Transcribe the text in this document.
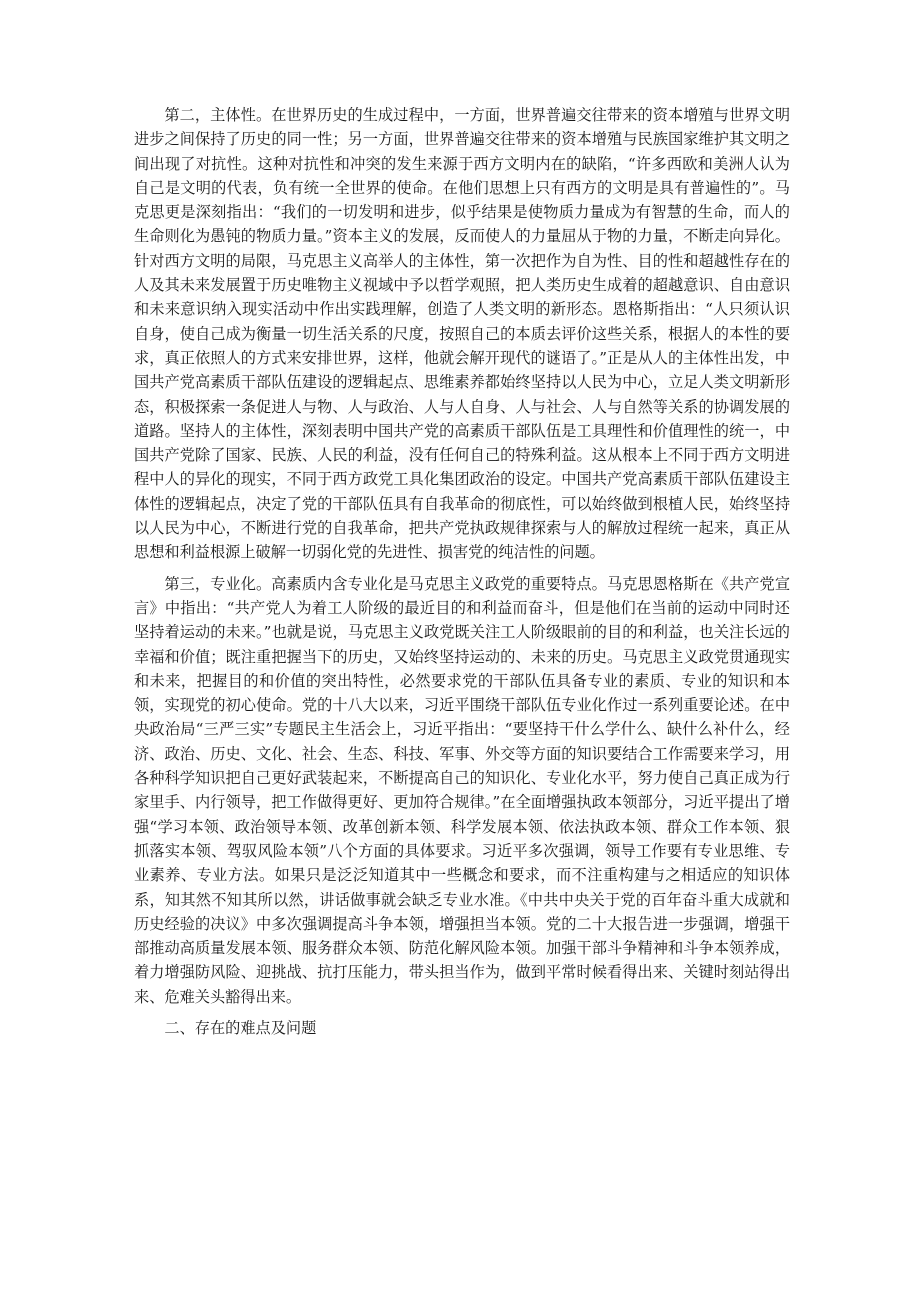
第二，主体性。在世界历史的生成过程中，一方面，世界普遍交往带来的资本增殖与世界文明进步之间保持了历史的同一性；另一方面，世界普遍交往带来的资本增殖与民族国家维护其文明之间出现了对抗性。这种对抗性和冲突的发生来源于西方文明内在的缺陷，“许多西欧和美洲人认为自己是文明的代表，负有统一全世界的使命。在他们思想上只有西方的文明是具有普遍性的”。马克思更是深刻指出：“我们的一切发明和进步，似乎结果是使物质力量成为有智慧的生命，而人的生命则化为愚钝的物质力量。”资本主义的发展，反而使人的力量屈从于物的力量，不断走向异化。针对西方文明的局限，马克思主义高举人的主体性，第一次把作为自为性、目的性和超越性存在的人及其未来发展置于历史唯物主义视域中予以哲学观照，把人类历史生成着的超越意识、自由意识和未来意识纳入现实活动中作出实践理解，创造了人类文明的新形态。恩格斯指出：“人只须认识自身，使自己成为衡量一切生活关系的尺度，按照自己的本质去评价这些关系，根据人的本性的要求，真正依照人的方式来安排世界，这样，他就会解开现代的谜语了。”正是从人的主体性出发，中国共产党高素质干部队伍建设的逻辑起点、思维素养都始终坚持以人民为中心，立足人类文明新形态，积极探索一条促进人与物、人与政治、人与人自身、人与社会、人与自然等关系的协调发展的道路。坚持人的主体性，深刻表明中国共产党的高素质干部队伍是工具理性和价值理性的统一，中国共产党除了国家、民族、人民的利益，没有任何自己的特殊利益。这从根本上不同于西方文明进程中人的异化的现实，不同于西方政党工具化集团政治的设定。中国共产党高素质干部队伍建设主体性的逻辑起点，决定了党的干部队伍具有自我革命的彻底性，可以始终做到根植人民，始终坚持以人民为中心，不断进行党的自我革命，把共产党执政规律探索与人的解放过程统一起来，真正从思想和利益根源上破解一切弱化党的先进性、损害党的纯洁性的问题。

第三，专业化。高素质内含专业化是马克思主义政党的重要特点。马克思恩格斯在《共产党宣言》中指出：“共产党人为着工人阶级的最近目的和利益而奋斗，但是他们在当前的运动中同时还坚持着运动的未来。”也就是说，马克思主义政党既关注工人阶级眼前的目的和利益，也关注长远的幸福和价值；既注重把握当下的历史，又始终坚持运动的、未来的历史。马克思主义政党贯通现实和未来，把握目的和价值的突出特性，必然要求党的干部队伍具备专业的素质、专业的知识和本领，实现党的初心使命。党的十八大以来，习近平围绕干部队伍专业化作过一系列重要论述。在中央政治局“三严三实”专题民主生活会上，习近平指出：“要坚持干什么学什么、缺什么补什么，经济、政治、历史、文化、社会、生态、科技、军事、外交等方面的知识要结合工作需要来学习，用各种科学知识把自己更好武装起来，不断提高自己的知识化、专业化水平，努力使自己真正成为行家里手、内行领导，把工作做得更好、更加符合规律。”在全面增强执政本领部分，习近平提出了增强“学习本领、政治领导本领、改革创新本领、科学发展本领、依法执政本领、群众工作本领、狠抓落实本领、驾驭风险本领”八个方面的具体要求。习近平多次强调，领导工作要有专业思维、专业素养、专业方法。如果只是泛泛知道其中一些概念和要求，而不注重构建与之相适应的知识体系，知其然不知其所以然，讲话做事就会缺乏专业水准。《中共中央关于党的百年奋斗重大成就和历史经验的决议》中多次强调提高斗争本领，增强担当本领。党的二十大报告进一步强调，增强干部推动高质量发展本领、服务群众本领、防范化解风险本领。加强干部斗争精神和斗争本领养成，着力增强防风险、迎挑战、抗打压能力，带头担当作为，做到平常时候看得出来、关键时刻站得出来、危难关头豁得出来。

二、存在的难点及问题
